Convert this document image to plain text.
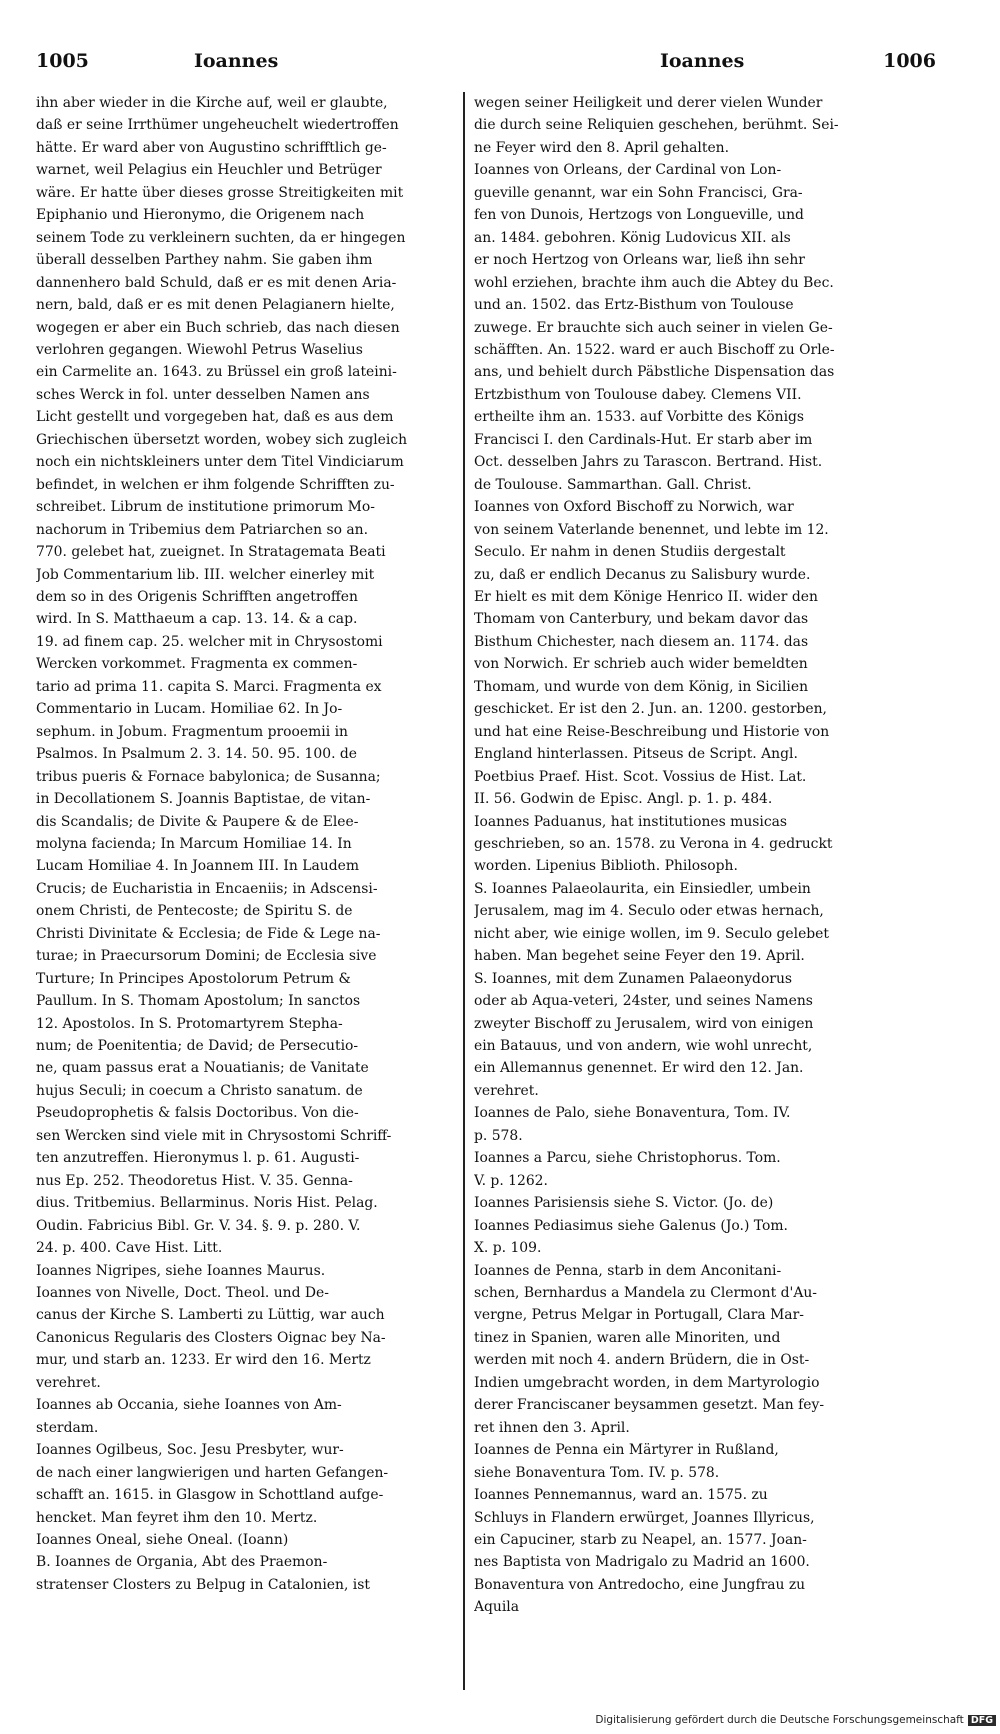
1005	Ioannes	Ioannes	1006

ihn aber wieder in die Kirche auf, weil er glaubte,

daß er seine Irrthümer ungeheuchelt wiedertroffen

hätte. Er ward aber von Augustino schrifftlich ge-

warnet, weil Pelagius ein Heuchler und Betrüger

wäre. Er hatte über dieses grosse Streitigkeiten mit

Epiphanio und Hieronymo, die Origenem nach

seinem Tode zu verkleinern suchten, da er hingegen

überall desselben Parthey nahm. Sie gaben ihm

dannenhero bald Schuld, daß er es mit denen Aria-

nern, bald, daß er es mit denen Pelagianern hielte,

wogegen er aber ein Buch schrieb, das nach diesen

verlohren gegangen. Wiewohl Petrus Waselius

ein Carmelite an. 1643. zu Brüssel ein groß lateini-

sches Werck in fol. unter desselben Namen ans

Licht gestellt und vorgegeben hat, daß es aus dem

Griechischen übersetzt worden, wobey sich zugleich

noch ein nichtskleiners unter dem Titel Vindiciarum

befindet, in welchen er ihm folgende Schrifften zu-

schreibet. Librum de institutione primorum Mo-

nachorum in Tribemius dem Patriarchen so an.

770. gelebet hat, zueignet. In Stratagemata Beati

Job Commentarium lib. III. welcher einerley mit

dem so in des Origenis Schrifften angetroffen

wird. In S. Matthaeum a cap. 13. 14. & a cap.

19. ad finem cap. 25. welcher mit in Chrysostomi

Wercken vorkommet. Fragmenta ex commen-

tario ad prima 11. capita S. Marci. Fragmenta ex

Commentario in Lucam. Homiliae 62. In Jo-

sephum. in Jobum. Fragmentum prooemii in

Psalmos. In Psalmum 2. 3. 14. 50. 95. 100. de

tribus pueris & Fornace babylonica; de Susanna;

in Decollationem S. Joannis Baptistae, de vitan-

dis Scandalis; de Divite & Paupere & de Elee-

molyna facienda; In Marcum Homiliae 14. In

Lucam Homiliae 4. In Joannem III. In Laudem

Crucis; de Eucharistia in Encaeniis; in Adscensi-

onem Christi, de Pentecoste; de Spiritu S. de

Christi Divinitate & Ecclesia; de Fide & Lege na-

turae; in Praecursorum Domini; de Ecclesia sive

Turture; In Principes Apostolorum Petrum &

Paullum. In S. Thomam Apostolum; In sanctos

12. Apostolos. In S. Protomartyrem Stepha-

num; de Poenitentia; de David; de Persecutio-

ne, quam passus erat a Nouatianis; de Vanitate

hujus Seculi; in coecum a Christo sanatum. de

Pseudoprophetis & falsis Doctoribus. Von die-

sen Wercken sind viele mit in Chrysostomi Schriff-

ten anzutreffen. Hieronymus l. p. 61. Augusti-

nus Ep. 252. Theodoretus Hist. V. 35. Genna-

dius. Tritbemius. Bellarminus. Noris Hist. Pelag.

Oudin. Fabricius Bibl. Gr. V. 34. §. 9. p. 280. V.

24. p. 400. Cave Hist. Litt.

Ioannes Nigripes, siehe Ioannes Maurus.

Ioannes von Nivelle, Doct. Theol. und De-

canus der Kirche S. Lamberti zu Lüttig, war auch

Canonicus Regularis des Closters Oignac bey Na-

mur, und starb an. 1233. Er wird den 16. Mertz

verehret.

Ioannes ab Occania, siehe Ioannes von Am-

sterdam.

Ioannes Ogilbeus, Soc. Jesu Presbyter, wur-

de nach einer langwierigen und harten Gefangen-

schafft an. 1615. in Glasgow in Schottland aufge-

hencket. Man feyret ihm den 10. Mertz.

Ioannes Oneal, siehe Oneal. (Ioann)

B. Ioannes de Organia, Abt des Praemon-

stratenser Closters zu Belpug in Catalonien, ist

wegen seiner Heiligkeit und derer vielen Wunder

die durch seine Reliquien geschehen, berühmt. Sei-

ne Feyer wird den 8. April gehalten.

Ioannes von Orleans, der Cardinal von Lon-

gueville genannt, war ein Sohn Francisci, Gra-

fen von Dunois, Hertzogs von Longueville, und

an. 1484. gebohren. König Ludovicus XII. als

er noch Hertzog von Orleans war, ließ ihn sehr

wohl erziehen, brachte ihm auch die Abtey du Bec.

und an. 1502. das Ertz-Bisthum von Toulouse

zuwege. Er brauchte sich auch seiner in vielen Ge-

schäfften. An. 1522. ward er auch Bischoff zu Orle-

ans, und behielt durch Päbstliche Dispensation das

Ertzbisthum von Toulouse dabey. Clemens VII.

ertheilte ihm an. 1533. auf Vorbitte des Königs

Francisci I. den Cardinals-Hut. Er starb aber im

Oct. desselben Jahrs zu Tarascon. Bertrand. Hist.

de Toulouse. Sammarthan. Gall. Christ.

Ioannes von Oxford Bischoff zu Norwich, war

von seinem Vaterlande benennet, und lebte im 12.

Seculo. Er nahm in denen Studiis dergestalt

zu, daß er endlich Decanus zu Salisbury wurde.

Er hielt es mit dem Könige Henrico II. wider den

Thomam von Canterbury, und bekam davor das

Bisthum Chichester, nach diesem an. 1174. das

von Norwich. Er schrieb auch wider bemeldten

Thomam, und wurde von dem König, in Sicilien

geschicket. Er ist den 2. Jun. an. 1200. gestorben,

und hat eine Reise-Beschreibung und Historie von

England hinterlassen. Pitseus de Script. Angl.

Poetbius Praef. Hist. Scot. Vossius de Hist. Lat.

II. 56. Godwin de Episc. Angl. p. 1. p. 484.

Ioannes Paduanus, hat institutiones musicas

geschrieben, so an. 1578. zu Verona in 4. gedruckt

worden. Lipenius Biblioth. Philosoph.

S. Ioannes Palaeolaurita, ein Einsiedler, umbein

Jerusalem, mag im 4. Seculo oder etwas hernach,

nicht aber, wie einige wollen, im 9. Seculo gelebet

haben. Man begehet seine Feyer den 19. April.

S. Ioannes, mit dem Zunamen Palaeonydorus

oder ab Aqua-veteri, 24ster, und seines Namens

zweyter Bischoff zu Jerusalem, wird von einigen

ein Batauus, und von andern, wie wohl unrecht,

ein Allemannus genennet. Er wird den 12. Jan.

verehret.

Ioannes de Palo, siehe Bonaventura, Tom. IV.

p. 578.

Ioannes a Parcu, siehe Christophorus. Tom.

V. p. 1262.

Ioannes Parisiensis siehe S. Victor. (Jo. de)

Ioannes Pediasimus siehe Galenus (Jo.) Tom.

X. p. 109.

Ioannes de Penna, starb in dem Anconitani-

schen, Bernhardus a Mandela zu Clermont d'Au-

vergne, Petrus Melgar in Portugall, Clara Mar-

tinez in Spanien, waren alle Minoriten, und

werden mit noch 4. andern Brüdern, die in Ost-

Indien umgebracht worden, in dem Martyrologio

derer Franciscaner beysammen gesetzt. Man fey-

ret ihnen den 3. April.

Ioannes de Penna ein Märtyrer in Rußland,

siehe Bonaventura Tom. IV. p. 578.

Ioannes Pennemannus, ward an. 1575. zu

Schluys in Flandern erwürget, Joannes Illyricus,

ein Capuciner, starb zu Neapel, an. 1577. Joan-

nes Baptista von Madrigalo zu Madrid an 1600.

Bonaventura von Antredocho, eine Jungfrau zu

Aquila

Digitalisierung gefördert durch die Deutsche Forschungsgemeinschaft DFG
